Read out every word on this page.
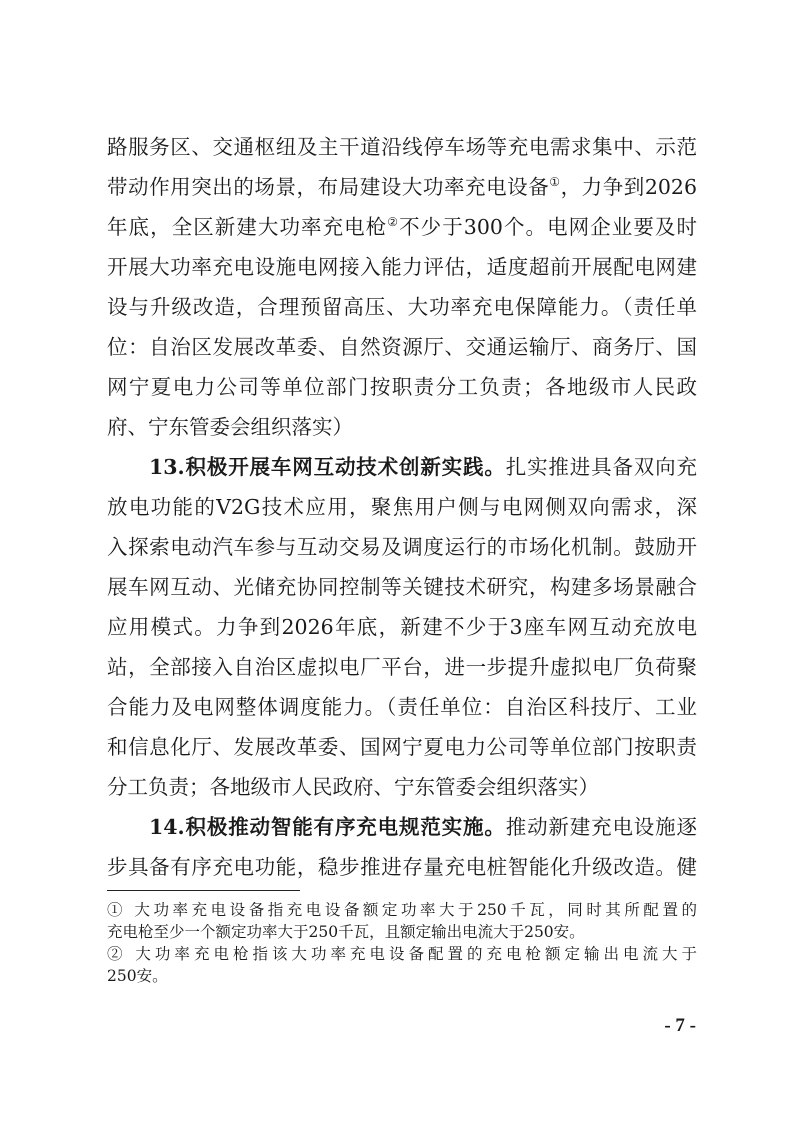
路服务区、交通枢纽及主干道沿线停车场等充电需求集中、示范
带动作用突出的场景，布局建设大功率充电设备①，力争到2026
年底，全区新建大功率充电枪②不少于300个。电网企业要及时
开展大功率充电设施电网接入能力评估，适度超前开展配电网建
设与升级改造，合理预留高压、大功率充电保障能力。（责任单
位：自治区发展改革委、自然资源厅、交通运输厅、商务厅、国
网宁夏电力公司等单位部门按职责分工负责；各地级市人民政
府、宁东管委会组织落实）
13.积极开展车网互动技术创新实践。扎实推进具备双向充
放电功能的V2G技术应用，聚焦用户侧与电网侧双向需求，深
入探索电动汽车参与互动交易及调度运行的市场化机制。鼓励开
展车网互动、光储充协同控制等关键技术研究，构建多场景融合
应用模式。力争到2026年底，新建不少于3座车网互动充放电
站，全部接入自治区虚拟电厂平台，进一步提升虚拟电厂负荷聚
合能力及电网整体调度能力。（责任单位：自治区科技厅、工业
和信息化厅、发展改革委、国网宁夏电力公司等单位部门按职责
分工负责；各地级市人民政府、宁东管委会组织落实）
14.积极推动智能有序充电规范实施。推动新建充电设施逐
步具备有序充电功能，稳步推进存量充电桩智能化升级改造。健
① 大功率充电设备指充电设备额定功率大于250千瓦，同时其所配置的
充电枪至少一个额定功率大于250千瓦，且额定输出电流大于250安。
② 大功率充电枪指该大功率充电设备配置的充电枪额定输出电流大于
250安。
- 7 -
